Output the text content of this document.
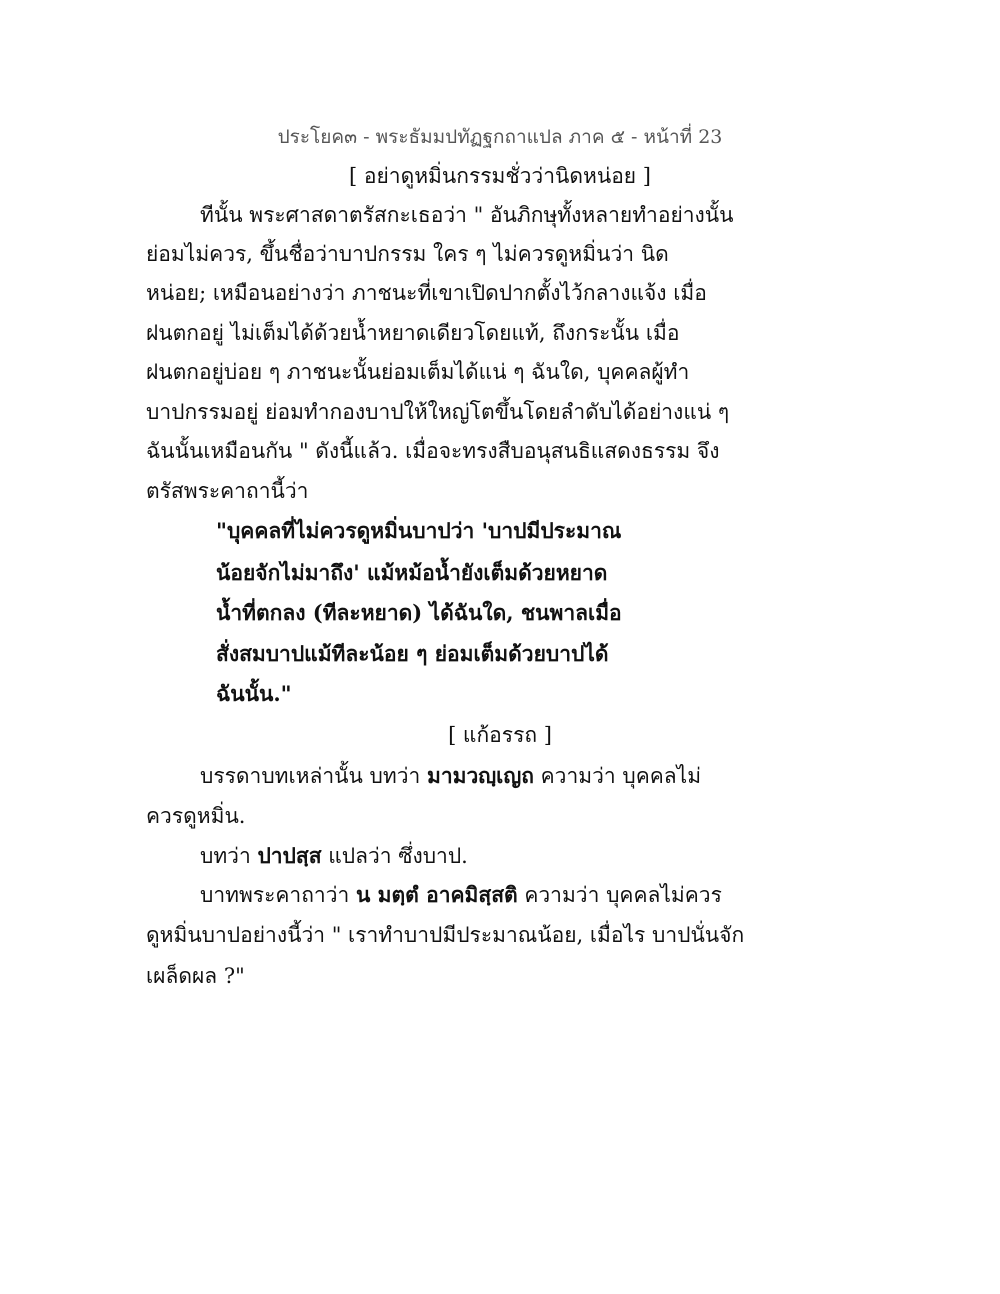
ประโยค๓ - พระธัมมปทัฏฐกถาแปล ภาค ๕ - หน้าที่ 23
[ อย่าดูหมิ่นกรรมชั่วว่านิดหน่อย ]
ทีนั้น พระศาสดาตรัสกะเธอว่า " อันภิกษุทั้งหลายทำอย่างนั้น
ย่อมไม่ควร, ขึ้นชื่อว่าบาปกรรม ใคร ๆ ไม่ควรดูหมิ่นว่า นิด
หน่อย; เหมือนอย่างว่า ภาชนะที่เขาเปิดปากตั้งไว้กลางแจ้ง เมื่อ
ฝนตกอยู่ ไม่เต็มได้ด้วยน้ำหยาดเดียวโดยแท้, ถึงกระนั้น เมื่อ
ฝนตกอยู่บ่อย ๆ ภาชนะนั้นย่อมเต็มได้แน่ ๆ ฉันใด, บุคคลผู้ทำ
บาปกรรมอยู่ ย่อมทำกองบาปให้ใหญ่โตขึ้นโดยลำดับได้อย่างแน่ ๆ
ฉันนั้นเหมือนกัน " ดังนี้แล้ว. เมื่อจะทรงสืบอนุสนธิแสดงธรรม จึง
ตรัสพระคาถานี้ว่า
"บุคคลที่ไม่ควรดูหมิ่นบาปว่า 'บาปมีประมาณ
น้อยจักไม่มาถึง' แม้หม้อน้ำยังเต็มด้วยหยาด
น้ำที่ตกลง (ทีละหยาด) ได้ฉันใด, ชนพาลเมื่อ
สั่งสมบาปแม้ทีละน้อย ๆ ย่อมเต็มด้วยบาปได้
ฉันนั้น."
[ แก้อรรถ ]
บรรดาบทเหล่านั้น บทว่า มามวญฺเญถ ความว่า บุคคลไม่
ควรดูหมิ่น.
บทว่า ปาปสฺส แปลว่า ซึ่งบาป.
บาทพระคาถาว่า น มตฺตํ อาคมิสฺสติ ความว่า บุคคลไม่ควร
ดูหมิ่นบาปอย่างนี้ว่า " เราทำบาปมีประมาณน้อย, เมื่อไร บาปนั่นจัก
เผล็ดผล ?"
